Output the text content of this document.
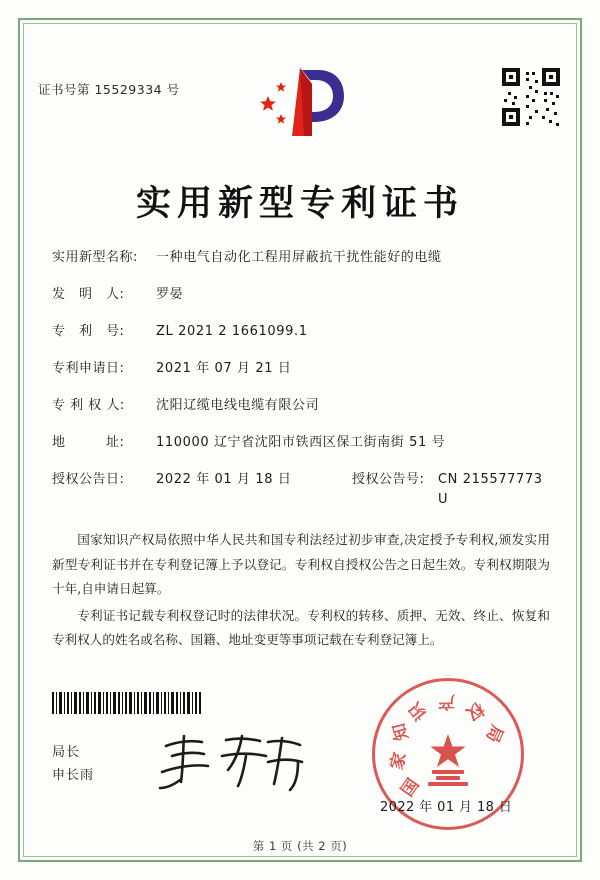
证书号第 15529334 号
实用新型专利证书
实用新型名称:	一种电气自动化工程用屏蔽抗干扰性能好的电缆
发　明　人:	罗晏
专　利　号:	ZL 2021 2 1661099.1
专利申请日:	2021 年 07 月 21 日
专 利 权 人:	沈阳辽缆电线电缆有限公司
地　　　址:	110000 辽宁省沈阳市铁西区保工街南街 51 号
授权公告日:	2022 年 01 月 18 日	授权公告号:	CN 215577773 U

国家知识产权局依照中华人民共和国专利法经过初步审查,决定授予专利权,颁发实用新型专利证书并在专利登记簿上予以登记。专利权自授权公告之日起生效。专利权期限为十年,自申请日起算。

专利证书记载专利权登记时的法律状况。专利权的转移、质押、无效、终止、恢复和专利权人的姓名或名称、国籍、地址变更等事项记载在专利登记簿上。

局长
申长雨	国
家
知
识 产 权
局
2022 年 01 月 18 日
第 1 页 (共 2 页)
